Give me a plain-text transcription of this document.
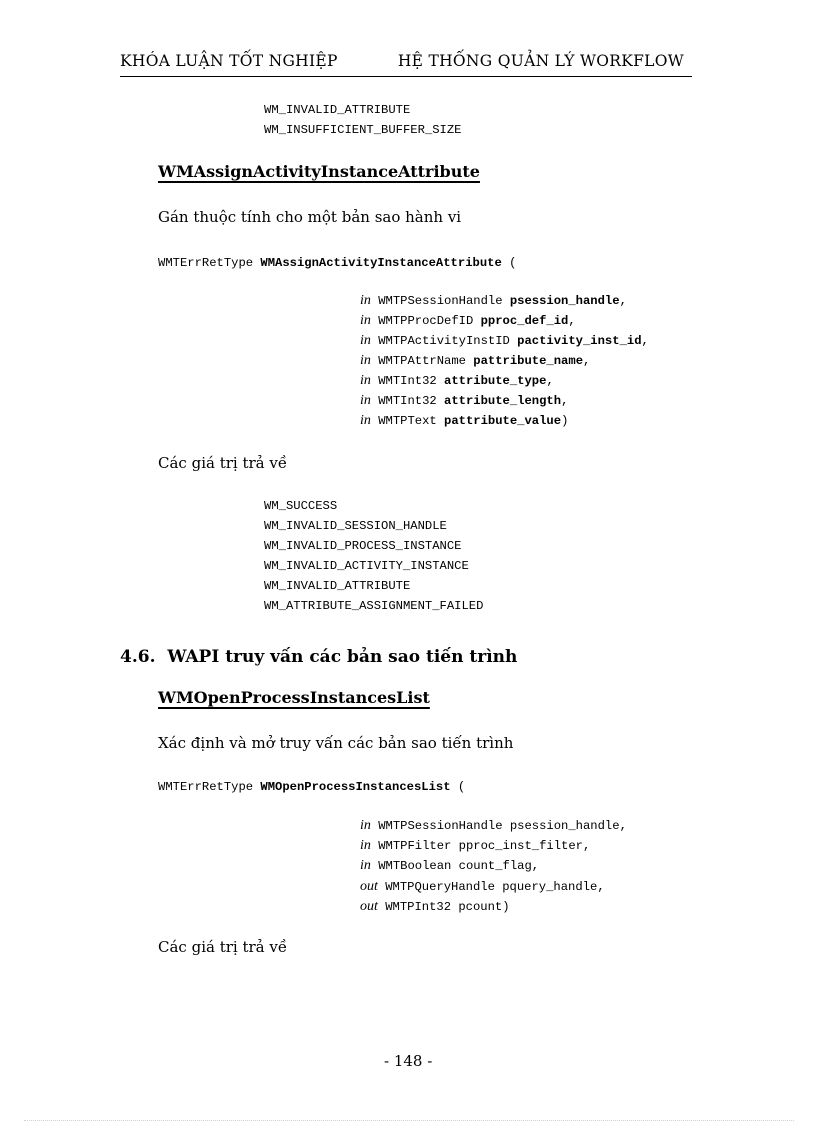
KHÓA LUẬN TỐT NGHIỆP	HỆ THỐNG QUẢN LÝ WORKFLOW
WM_INVALID_ATTRIBUTE
WM_INSUFFICIENT_BUFFER_SIZE
WMAssignActivityInstanceAttribute
Gán thuộc tính cho một bản sao hành vi
WMTErrRetType WMAssignActivityInstanceAttribute (
in WMTPSessionHandle psession_handle,
in WMTPProcDefID pproc_def_id,
in WMTPActivityInstID pactivity_inst_id,
in WMTPAttrName pattribute_name,
in WMTInt32 attribute_type,
in WMTInt32 attribute_length,
in WMTPText pattribute_value)
Các giá trị trả về
WM_SUCCESS
WM_INVALID_SESSION_HANDLE
WM_INVALID_PROCESS_INSTANCE
WM_INVALID_ACTIVITY_INSTANCE
WM_INVALID_ATTRIBUTE
WM_ATTRIBUTE_ASSIGNMENT_FAILED
4.6. WAPI truy vấn các bản sao tiến trình
WMOpenProcessInstancesList
Xác định và mở truy vấn các bản sao tiến trình
WMTErrRetType WMOpenProcessInstancesList (
in WMTPSessionHandle psession_handle,
in WMTPFilter pproc_inst_filter,
in WMTBoolean count_flag,
out WMTPQueryHandle pquery_handle,
out WMTPInt32 pcount)
Các giá trị trả về
- 148 -
